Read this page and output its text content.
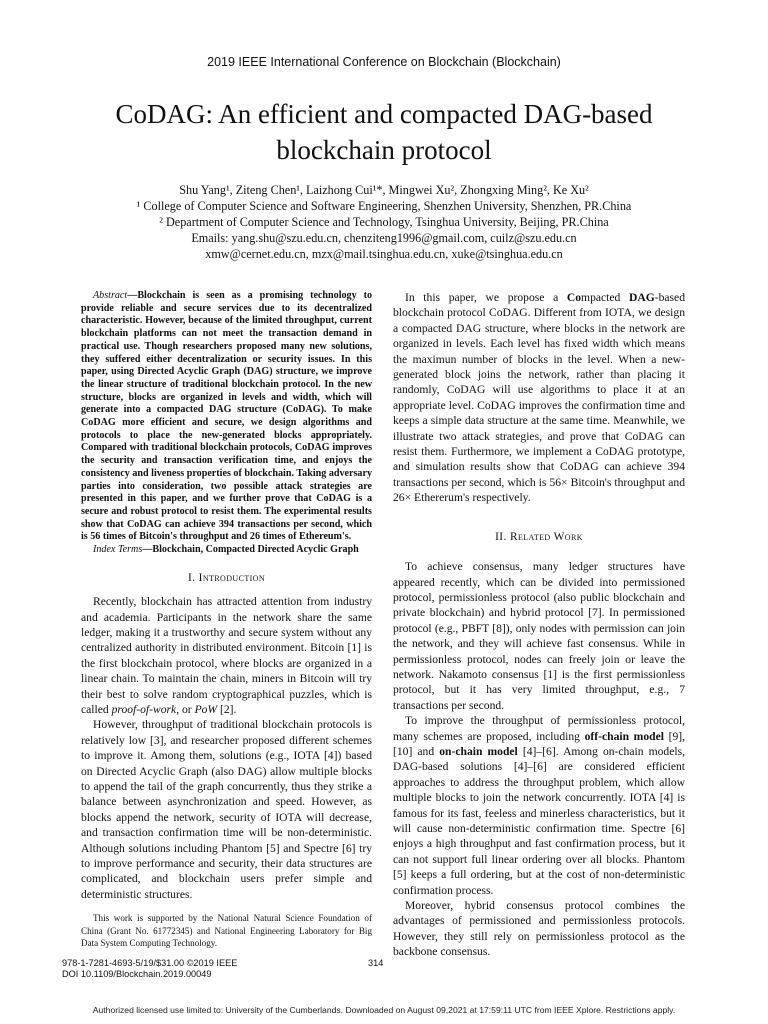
2019 IEEE International Conference on Blockchain (Blockchain)
CoDAG: An efficient and compacted DAG-based
blockchain protocol
Shu Yang¹, Ziteng Chen¹, Laizhong Cui¹*, Mingwei Xu², Zhongxing Ming², Ke Xu²
¹ College of Computer Science and Software Engineering, Shenzhen University, Shenzhen, PR.China
² Department of Computer Science and Technology, Tsinghua University, Beijing, PR.China
Emails: yang.shu@szu.edu.cn, chenziteng1996@gmail.com, cuilz@szu.edu.cn
xmw@cernet.edu.cn, mzx@mail.tsinghua.edu.cn, xuke@tsinghua.edu.cn

Abstract—Blockchain is seen as a promising technology to provide reliable and secure services due to its decentralized characteristic. However, because of the limited throughput, current blockchain platforms can not meet the transaction demand in practical use. Though researchers proposed many new solutions, they suffered either decentralization or security issues. In this paper, using Directed Acyclic Graph (DAG) structure, we improve the linear structure of traditional blockchain protocol. In the new structure, blocks are organized in levels and width, which will generate into a compacted DAG structure (CoDAG). To make CoDAG more efficient and secure, we design algorithms and protocols to place the new-generated blocks appropriately. Compared with traditional blockchain protocols, CoDAG improves the security and transaction verification time, and enjoys the consistency and liveness properties of blockchain. Taking adversary parties into consideration, two possible attack strategies are presented in this paper, and we further prove that CoDAG is a secure and robust protocol to resist them. The experimental results show that CoDAG can achieve 394 transactions per second, which is 56 times of Bitcoin's throughput and 26 times of Ethereum's.

Index Terms—Blockchain, Compacted Directed Acyclic Graph

I. Introduction

Recently, blockchain has attracted attention from industry and academia. Participants in the network share the same ledger, making it a trustworthy and secure system without any centralized authority in distributed environment. Bitcoin [1] is the first blockchain protocol, where blocks are organized in a linear chain. To maintain the chain, miners in Bitcoin will try their best to solve random cryptographical puzzles, which is called proof-of-work, or PoW [2].

However, throughput of traditional blockchain protocols is relatively low [3], and researcher proposed different schemes to improve it. Among them, solutions (e.g., IOTA [4]) based on Directed Acyclic Graph (also DAG) allow multiple blocks to append the tail of the graph concurrently, thus they strike a balance between asynchronization and speed. However, as blocks append the network, security of IOTA will decrease, and transaction confirmation time will be non-deterministic. Although solutions including Phantom [5] and Spectre [6] try to improve performance and security, their data structures are complicated, and blockchain users prefer simple and deterministic structures.

This work is supported by the National Natural Science Foundation of China (Grant No. 61772345) and National Engineering Laboratory for Big Data System Computing Technology.

In this paper, we propose a Compacted DAG-based blockchain protocol CoDAG. Different from IOTA, we design a compacted DAG structure, where blocks in the network are organized in levels. Each level has fixed width which means the maximun number of blocks in the level. When a new-generated block joins the network, rather than placing it randomly, CoDAG will use algorithms to place it at an appropriate level. CoDAG improves the confirmation time and keeps a simple data structure at the same time. Meanwhile, we illustrate two attack strategies, and prove that CoDAG can resist them. Furthermore, we implement a CoDAG prototype, and simulation results show that CoDAG can achieve 394 transactions per second, which is 56× Bitcoin's throughput and 26× Ethererum's respectively.

II. Related Work

To achieve consensus, many ledger structures have appeared recently, which can be divided into permissioned protocol, permissionless protocol (also public blockchain and private blockchain) and hybrid protocol [7]. In permissioned protocol (e.g., PBFT [8]), only nodes with permission can join the network, and they will achieve fast consensus. While in permissionless protocol, nodes can freely join or leave the network. Nakamoto consensus [1] is the first permissionless protocol, but it has very limited throughput, e.g., 7 transactions per second.

To improve the throughput of permissionless protocol, many schemes are proposed, including off-chain model [9], [10] and on-chain model [4]–[6]. Among on-chain models, DAG-based solutions [4]–[6] are considered efficient approaches to address the throughput problem, which allow multiple blocks to join the network concurrently. IOTA [4] is famous for its fast, feeless and minerless characteristics, but it will cause non-deterministic confirmation time. Spectre [6] enjoys a high throughput and fast confirmation process, but it can not support full linear ordering over all blocks. Phantom [5] keeps a full ordering, but at the cost of non-deterministic confirmation process.

Moreover, hybrid consensus protocol combines the advantages of permissioned and permissionless protocols. However, they still rely on permissionless protocol as the backbone consensus.

978-1-7281-4693-5/19/$31.00 ©2019 IEEE
DOI 10.1109/Blockchain.2019.00049
314
Authorized licensed use limited to: University of the Cumberlands. Downloaded on August 09,2021 at 17:59:11 UTC from IEEE Xplore. Restrictions apply.
